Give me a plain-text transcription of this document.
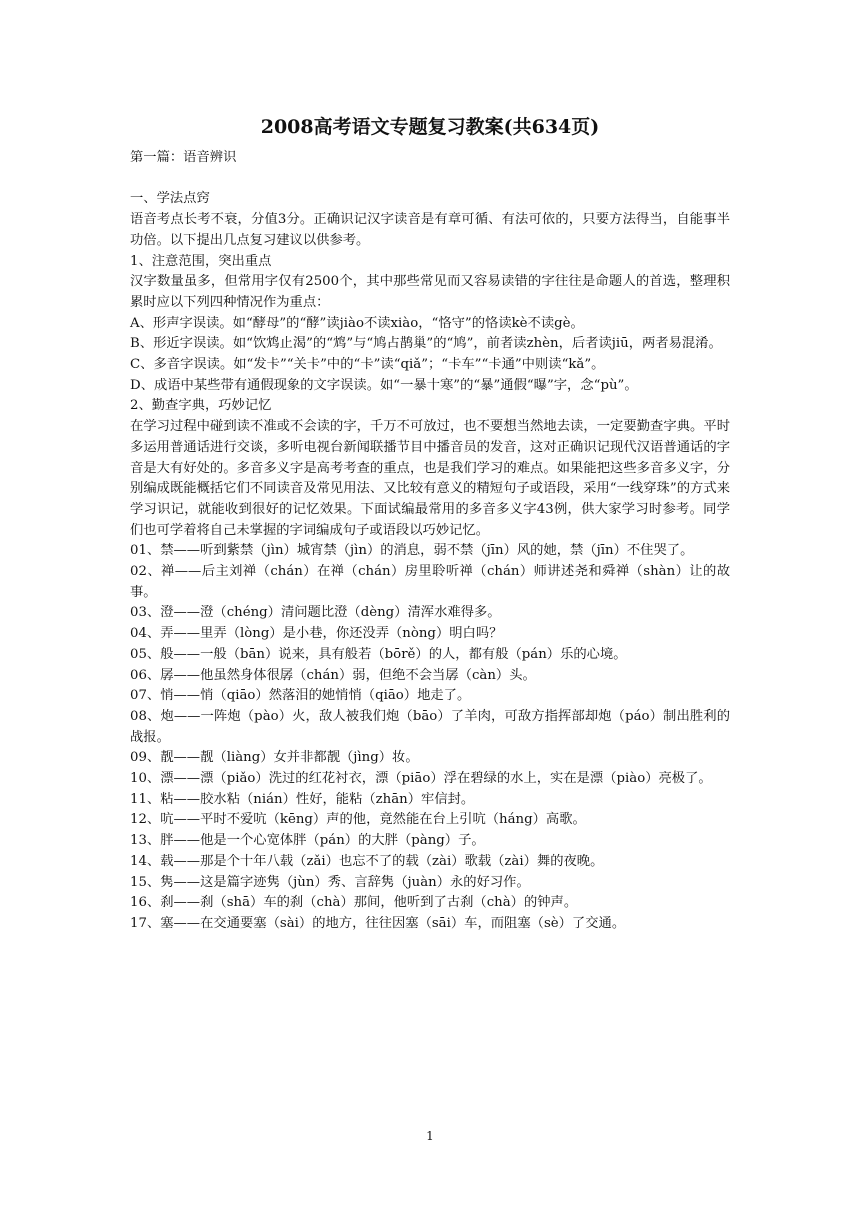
2008高考语文专题复习教案(共634页)

第一篇：语音辨识

一、学法点窍

语音考点长考不衰，分值3分。正确识记汉字读音是有章可循、有法可依的，只要方法得当，自能事半功倍。以下提出几点复习建议以供参考。

1、注意范围，突出重点

汉字数量虽多，但常用字仅有2500个，其中那些常见而又容易读错的字往往是命题人的首选，整理积累时应以下列四种情况作为重点：

A、形声字误读。如“酵母”的“酵”读jiào不读xiào，“恪守”的恪读kè不读gè。

B、形近字误读。如“饮鸩止渴”的“鸩”与“鸠占鹊巢”的“鸠”，前者读zhèn，后者读jiū，两者易混淆。

C、多音字误读。如“发卡”“关卡”中的“卡”读“qiǎ”；“卡车”“卡通”中则读“kǎ”。

D、成语中某些带有通假现象的文字误读。如“一暴十寒”的“暴”通假“曝”字，念“pù”。

2、勤查字典，巧妙记忆

在学习过程中碰到读不准或不会读的字，千万不可放过，也不要想当然地去读，一定要勤查字典。平时多运用普通话进行交谈，多听电视台新闻联播节目中播音员的发音，这对正确识记现代汉语普通话的字音是大有好处的。多音多义字是高考考查的重点，也是我们学习的难点。如果能把这些多音多义字，分别编成既能概括它们不同读音及常见用法、又比较有意义的精短句子或语段，采用“一线穿珠”的方式来学习识记，就能收到很好的记忆效果。下面试编最常用的多音多义字43例，供大家学习时参考。同学们也可学着将自己未掌握的字词编成句子或语段以巧妙记忆。

01、禁——听到紫禁（jìn）城宵禁（jìn）的消息，弱不禁（jīn）风的她，禁（jīn）不住哭了。

02、禅——后主刘禅（chán）在禅（chán）房里聆听禅（chán）师讲述尧和舜禅（shàn）让的故事。

03、澄——澄（chéng）清问题比澄（dèng）清浑水难得多。

04、弄——里弄（lòng）是小巷，你还没弄（nòng）明白吗？

05、般——一般（bān）说来，具有般若（bōrě）的人，都有般（pán）乐的心境。

06、孱——他虽然身体很孱（chán）弱，但绝不会当孱（càn）头。

07、悄——悄（qiāo）然落泪的她悄悄（qiāo）地走了。

08、炮——一阵炮（pào）火，敌人被我们炮（bāo）了羊肉，可敌方指挥部却炮（páo）制出胜利的战报。

09、靓——靓（liàng）女并非都靓（jìng）妆。

10、漂——漂（piǎo）洗过的红花衬衣，漂（piāo）浮在碧绿的水上，实在是漂（piào）亮极了。

11、粘——胶水粘（nián）性好，能粘（zhān）牢信封。

12、吭——平时不爱吭（kēng）声的他，竟然能在台上引吭（háng）高歌。

13、胖——他是一个心宽体胖（pán）的大胖（pàng）子。

14、载——那是个十年八载（zǎi）也忘不了的载（zài）歌载（zài）舞的夜晚。

15、隽——这是篇字迹隽（jùn）秀、言辞隽（juàn）永的好习作。

16、刹——刹（shā）车的刹（chà）那间，他听到了古刹（chà）的钟声。

17、塞——在交通要塞（sài）的地方，往往因塞（sāi）车，而阻塞（sè）了交通。

1
